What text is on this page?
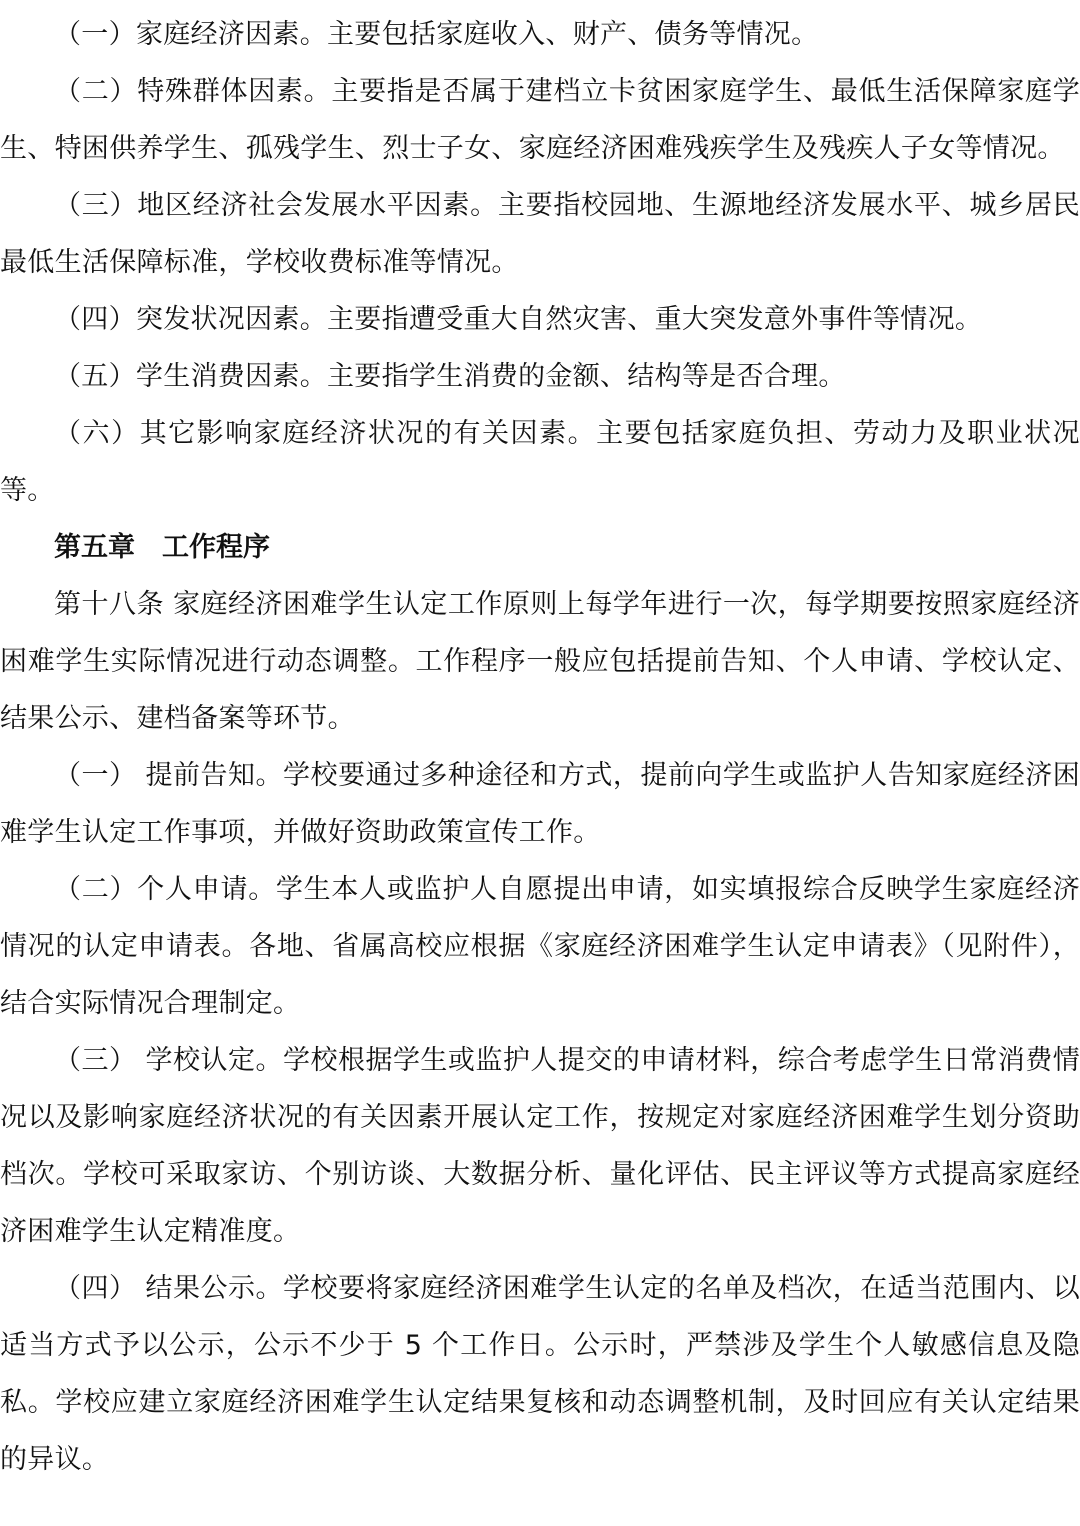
（一）家庭经济因素。主要包括家庭收入、财产、债务等情况。

（二）特殊群体因素。主要指是否属于建档立卡贫困家庭学生、最低生活保障家庭学生、特困供养学生、孤残学生、烈士子女、家庭经济困难残疾学生及残疾人子女等情况。

（三）地区经济社会发展水平因素。主要指校园地、生源地经济发展水平、城乡居民最低生活保障标准，学校收费标准等情况。

（四）突发状况因素。主要指遭受重大自然灾害、重大突发意外事件等情况。

（五）学生消费因素。主要指学生消费的金额、结构等是否合理。

（六）其它影响家庭经济状况的有关因素。主要包括家庭负担、劳动力及职业状况等。

第五章　工作程序

第十八条 家庭经济困难学生认定工作原则上每学年进行一次，每学期要按照家庭经济困难学生实际情况进行动态调整。工作程序一般应包括提前告知、个人申请、学校认定、结果公示、建档备案等环节。

（一） 提前告知。学校要通过多种途径和方式，提前向学生或监护人告知家庭经济困难学生认定工作事项，并做好资助政策宣传工作。

（二）个人申请。学生本人或监护人自愿提出申请，如实填报综合反映学生家庭经济情况的认定申请表。各地、省属高校应根据《家庭经济困难学生认定申请表》（见附件），结合实际情况合理制定。

（三） 学校认定。学校根据学生或监护人提交的申请材料，综合考虑学生日常消费情况以及影响家庭经济状况的有关因素开展认定工作，按规定对家庭经济困难学生划分资助档次。学校可采取家访、个别访谈、大数据分析、量化评估、民主评议等方式提高家庭经济困难学生认定精准度。

（四） 结果公示。学校要将家庭经济困难学生认定的名单及档次，在适当范围内、以适当方式予以公示，公示不少于 5 个工作日。公示时，严禁涉及学生个人敏感信息及隐私。学校应建立家庭经济困难学生认定结果复核和动态调整机制，及时回应有关认定结果的异议。
